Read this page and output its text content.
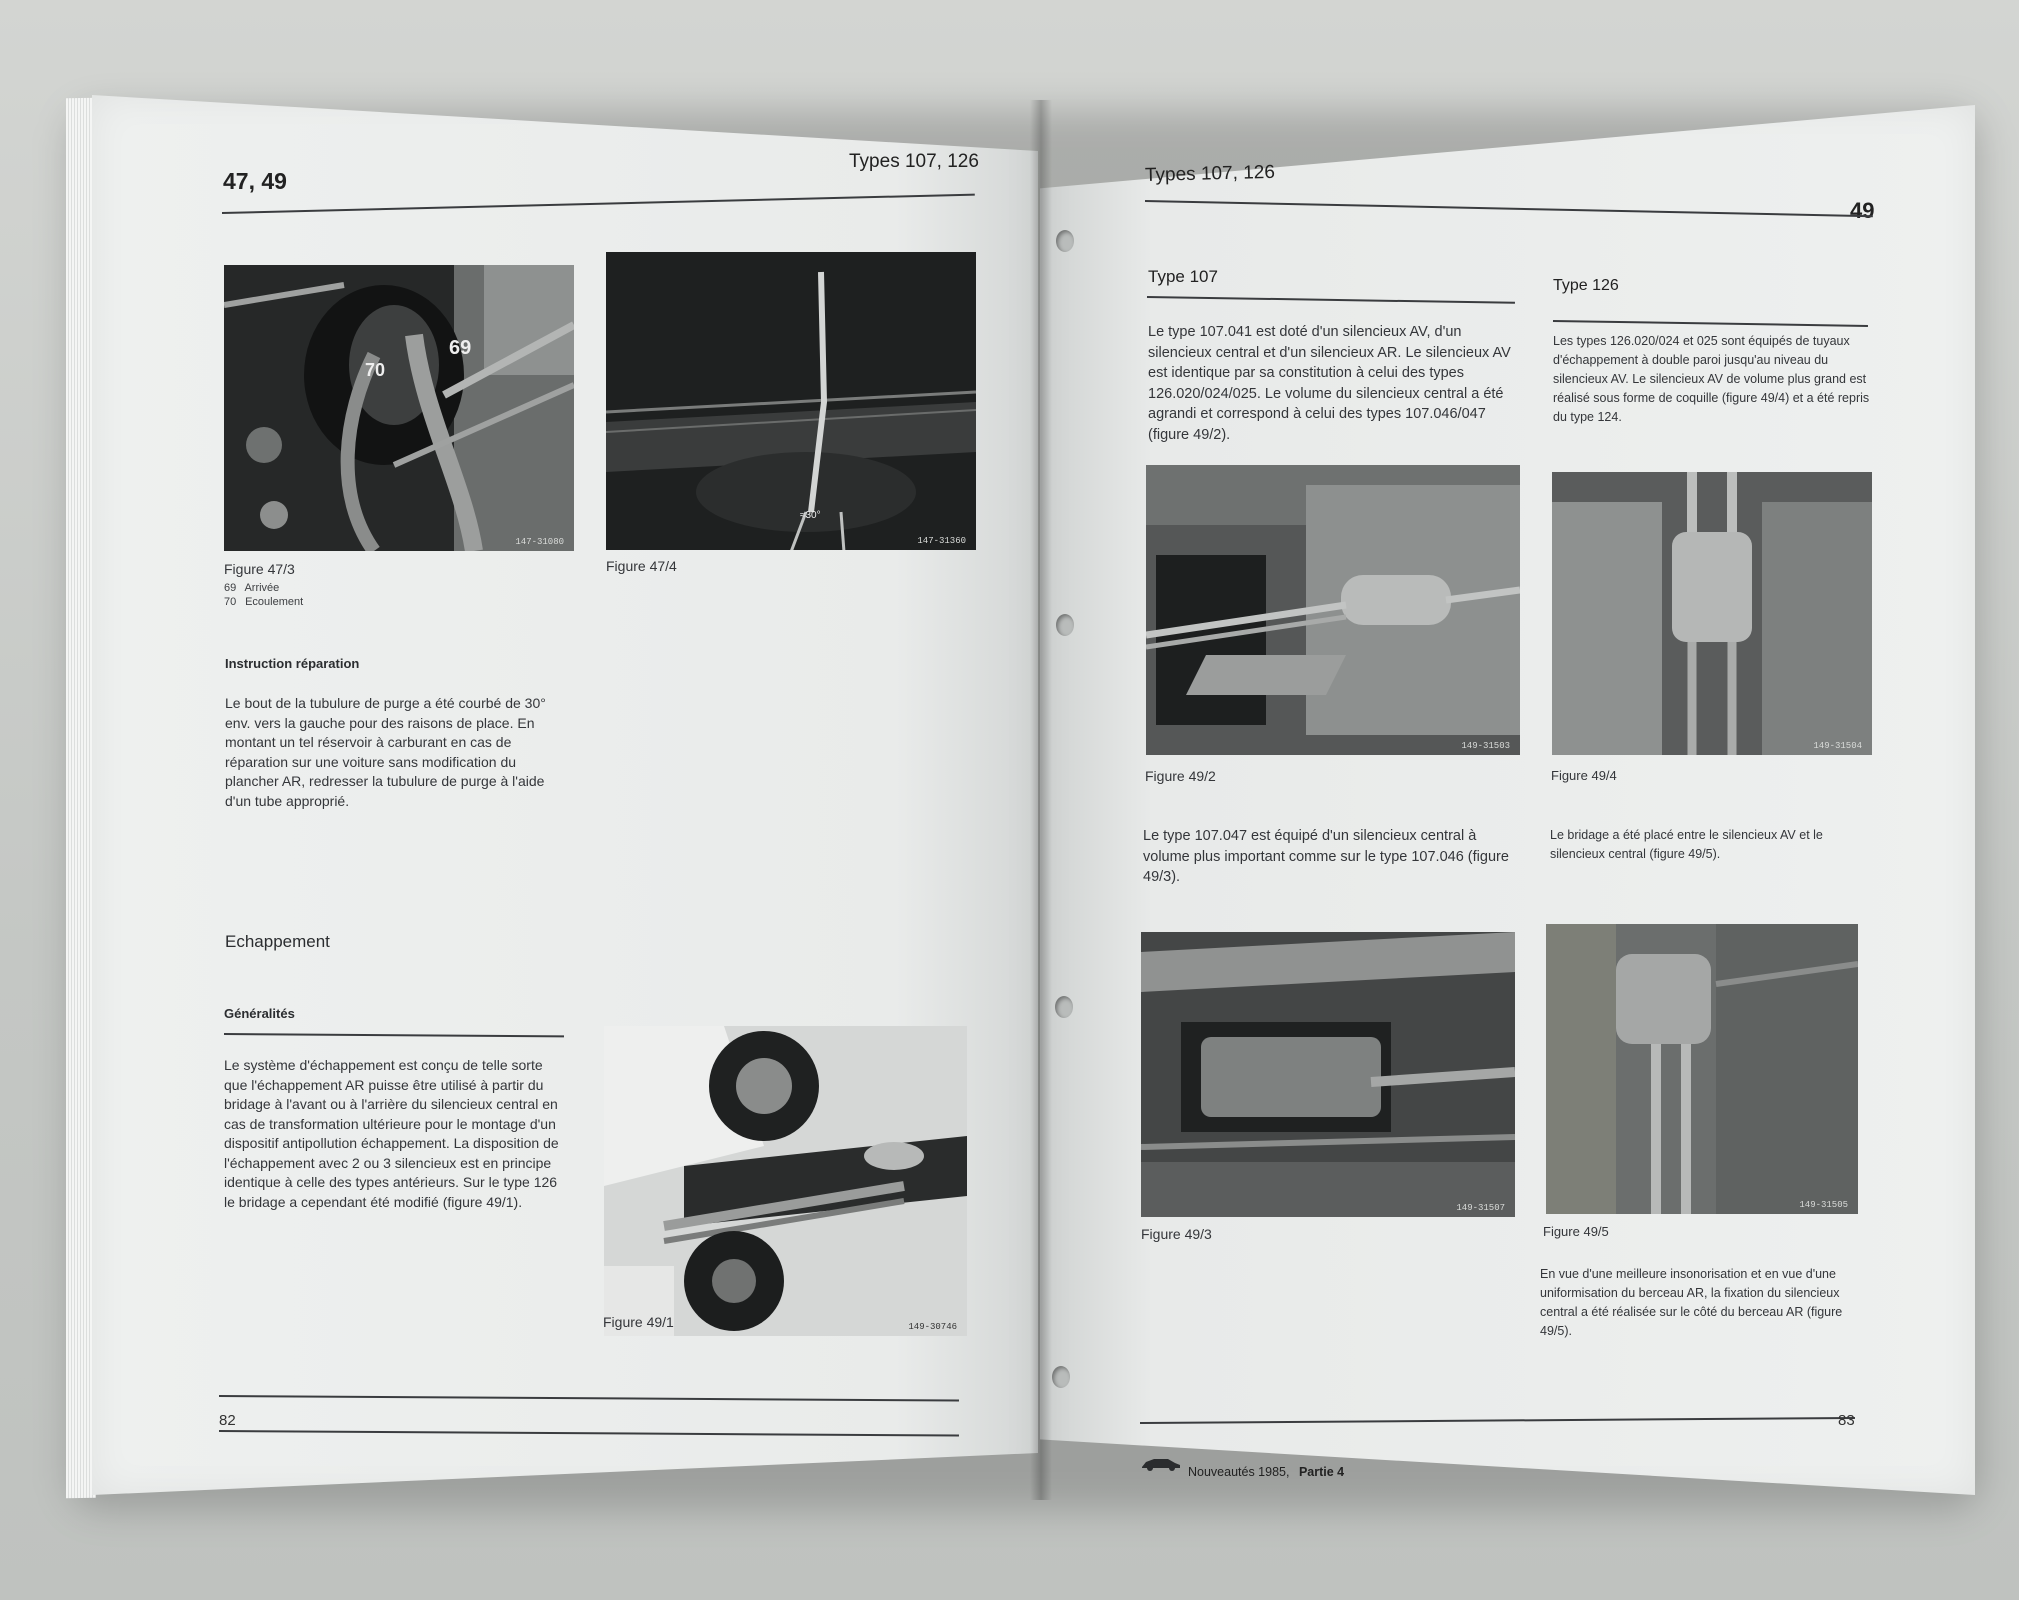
47, 49
Types 107, 126
70
69
147-31080
Figure 47/3
69 Arrivée
70 Ecoulement
≈30°
147-31360
Figure 47/4
Instruction réparation
Le bout de la tubulure de purge a été courbé de 30° env. vers la gauche pour des raisons de place. En montant un tel réservoir à carburant en cas de réparation sur une voiture sans modification du plancher AR, redresser la tubulure de purge à l'aide d'un tube approprié.
Echappement
Généralités
Le système d'échappement est conçu de telle sorte que l'échappement AR puisse être utilisé à partir du bridage à l'avant ou à l'arrière du silencieux central en cas de transformation ultérieure pour le montage d'un dispositif antipollution échappement. La disposition de l'échappement avec 2 ou 3 silencieux est en principe identique à celle des types antérieurs. Sur le type 126 le bridage a cependant été modifié (figure 49/1).
149-30746
Figure 49/1
82
Types 107, 126
49
Type 107
Le type 107.041 est doté d'un silencieux AV, d'un silencieux central et d'un silencieux AR. Le silencieux AV est identique par sa constitution à celui des types 126.020/024/025. Le volume du silencieux central a été agrandi et correspond à celui des types 107.046/047 (figure 49/2).
149-31503
Figure 49/2
Le type 107.047 est équipé d'un silencieux central à volume plus important comme sur le type 107.046 (figure 49/3).
149-31507
Figure 49/3
Type 126
Les types 126.020/024 et 025 sont équipés de tuyaux d'échappement à double paroi jusqu'au niveau du silencieux AV. Le silencieux AV de volume plus grand est réalisé sous forme de coquille (figure 49/4) et a été repris du type 124.
149-31504
Figure 49/4
Le bridage a été placé entre le silencieux AV et le silencieux central (figure 49/5).
149-31505
Figure 49/5
En vue d'une meilleure insonorisation et en vue d'une uniformisation du berceau AR, la fixation du silencieux central a été réalisée sur le côté du berceau AR (figure 49/5).
83
Nouveautés 1985, Partie 4
